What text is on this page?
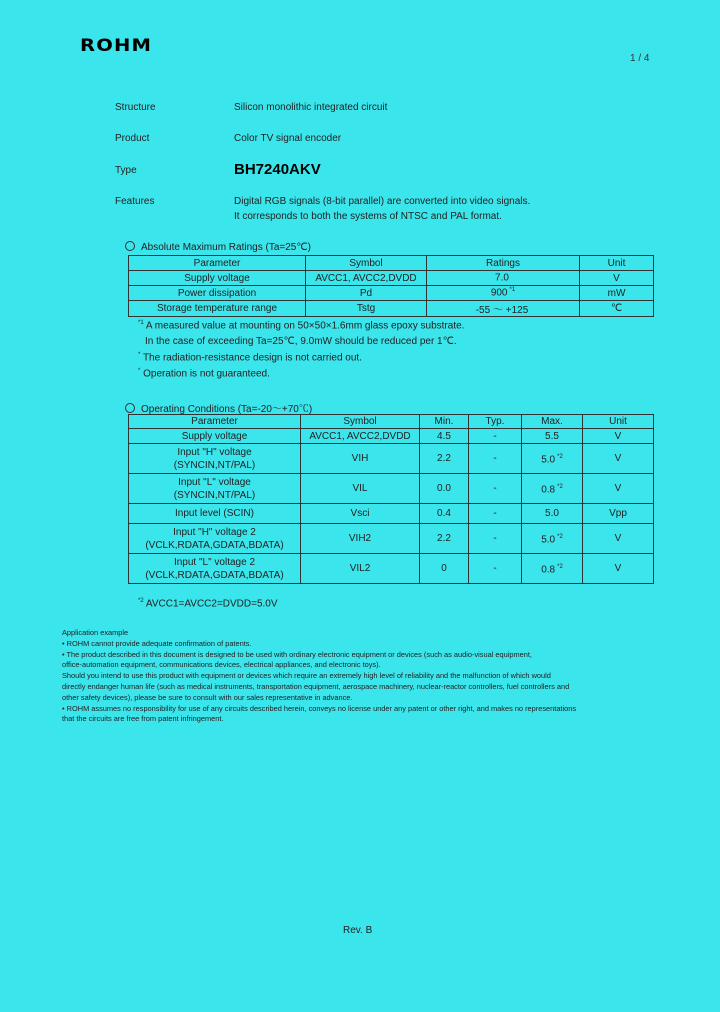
ROHM
1 / 4
Structure	Silicon monolithic integrated circuit
Product	Color TV signal encoder
Type	BH7240AKV
Features	Digital RGB signals (8-bit parallel) are converted into video signals.
It corresponds to both the systems of NTSC and PAL format.
Absolute Maximum Ratings (Ta=25℃)
Parameter	Symbol	Ratings	Unit
Supply voltage	AVCC1, AVCC2,DVDD	7.0	V
Power dissipation	Pd	900 $^{*1}$	mW
Storage temperature range	Tstg	-55 ～ +125	℃
$^{*1}$ A measured value at mounting on 50×50×1.6mm glass epoxy substrate.
In the case of exceeding Ta=25℃, 9.0mW should be reduced per 1℃.
* The radiation-resistance design is not carried out.
* Operation is not guaranteed.
Operating Conditions (Ta=-20～+70℃)
Parameter	Symbol	Min.	Typ.	Max.	Unit
Supply voltage	AVCC1, AVCC2,DVDD	4.5	-	5.5	V
Input "H" voltage
(SYNCIN,NT/PAL)	VIH	2.2	-	5.0 $^{*2}$	V
Input "L" voltage
(SYNCIN,NT/PAL)	VIL	0.0	-	0.8 $^{*2}$	V
Input level (SCIN)	Vsci	0.4	-	5.0	Vpp
Input "H" voltage 2
(VCLK,RDATA,GDATA,BDATA)	VIH2	2.2	-	5.0 $^{*2}$	V
Input "L" voltage 2
(VCLK,RDATA,GDATA,BDATA)	VIL2	0	-	0.8 $^{*2}$	V
$^{*2}$ AVCC1=AVCC2=DVDD=5.0V
Application example
• ROHM cannot provide adequate confirmation of patents.
• The product described in this document is designed to be used with ordinary electronic equipment or devices (such as audio-visual equipment,
office-automation equipment, communications devices, electrical appliances, and electronic toys).
Should you intend to use this product with equipment or devices which require an extremely high level of reliability and the malfunction of which would
directly endanger human life (such as medical instruments, transportation equipment, aerospace machinery, nuclear-reactor controllers, fuel controllers and
other safety devices), please be sure to consult with our sales representative in advance.
• ROHM assumes no responsibility for use of any circuits described herein, conveys no license under any patent or other right, and makes no representations
that the circuits are free from patent infringement.
Rev. B
